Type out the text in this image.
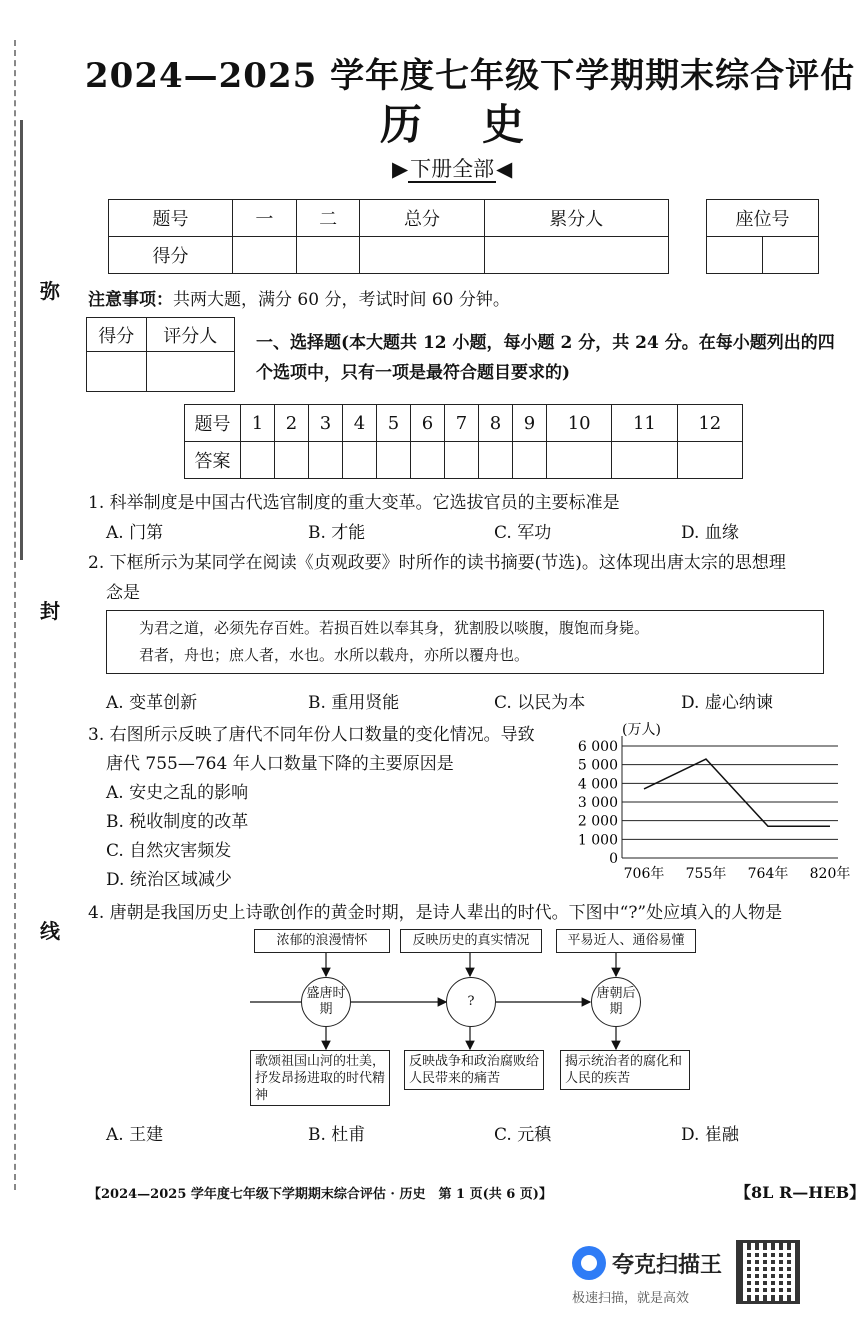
弥
封
线
2024—2025 学年度七年级下学期期末综合评估
历史
▶下册全部◀
题号	一	二	总分	累分人
得分				
座位号

注意事项：共两大题，满分 60 分，考试时间 60 分钟。
得分	评分人
	一、选择题(本大题共 12 小题，每小题 2 分，共 24 分。在每小题列出的四个选项中，只有一项是最符合题目要求的)
题号	1	2	3	4	5	6	7	8	9	10	11	12
答案												
1. 科举制度是中国古代选官制度的重大变革。它选拔官员的主要标准是
A. 门第	B. 才能	C. 军功	D. 血缘
2. 下框所示为某同学在阅读《贞观政要》时所作的读书摘要(节选)。这体现出唐太宗的思想理
念是
为君之道，必须先存百姓。若损百姓以奉其身，犹割股以啖腹，腹饱而身毙。
君者，舟也；庶人者，水也。水所以载舟，亦所以覆舟也。
A. 变革创新	B. 重用贤能	C. 以民为本	D. 虚心纳谏
3. 右图所示反映了唐代不同年份人口数量的变化情况。导致
唐代 755—764 年人口数量下降的主要原因是
A. 安史之乱的影响
B. 税收制度的改革
C. 自然灾害频发
D. 统治区域减少
0
1 000
2 000
3 000
4 000
5 000
6 000
706年 755年 764年 820年
(万人)
4. 唐朝是我国历史上诗歌创作的黄金时期，是诗人辈出的时代。下图中“?”处应填入的人物是
浓郁的浪漫情怀	反映历史的真实情况	平易近人、通俗易懂
盛唐时期
?
唐朝后期
歌颂祖国山河的壮美，抒发昂扬进取的时代精神
反映战争和政治腐败给人民带来的痛苦
揭示统治者的腐化和人民的疾苦
A. 王建	B. 杜甫	C. 元稹	D. 崔融
【2024—2025 学年度七年级下学期期末综合评估 · 历史　第 1 页(共 6 页)】	【8L R—HEB】
夸克扫描王
极速扫描，就是高效
